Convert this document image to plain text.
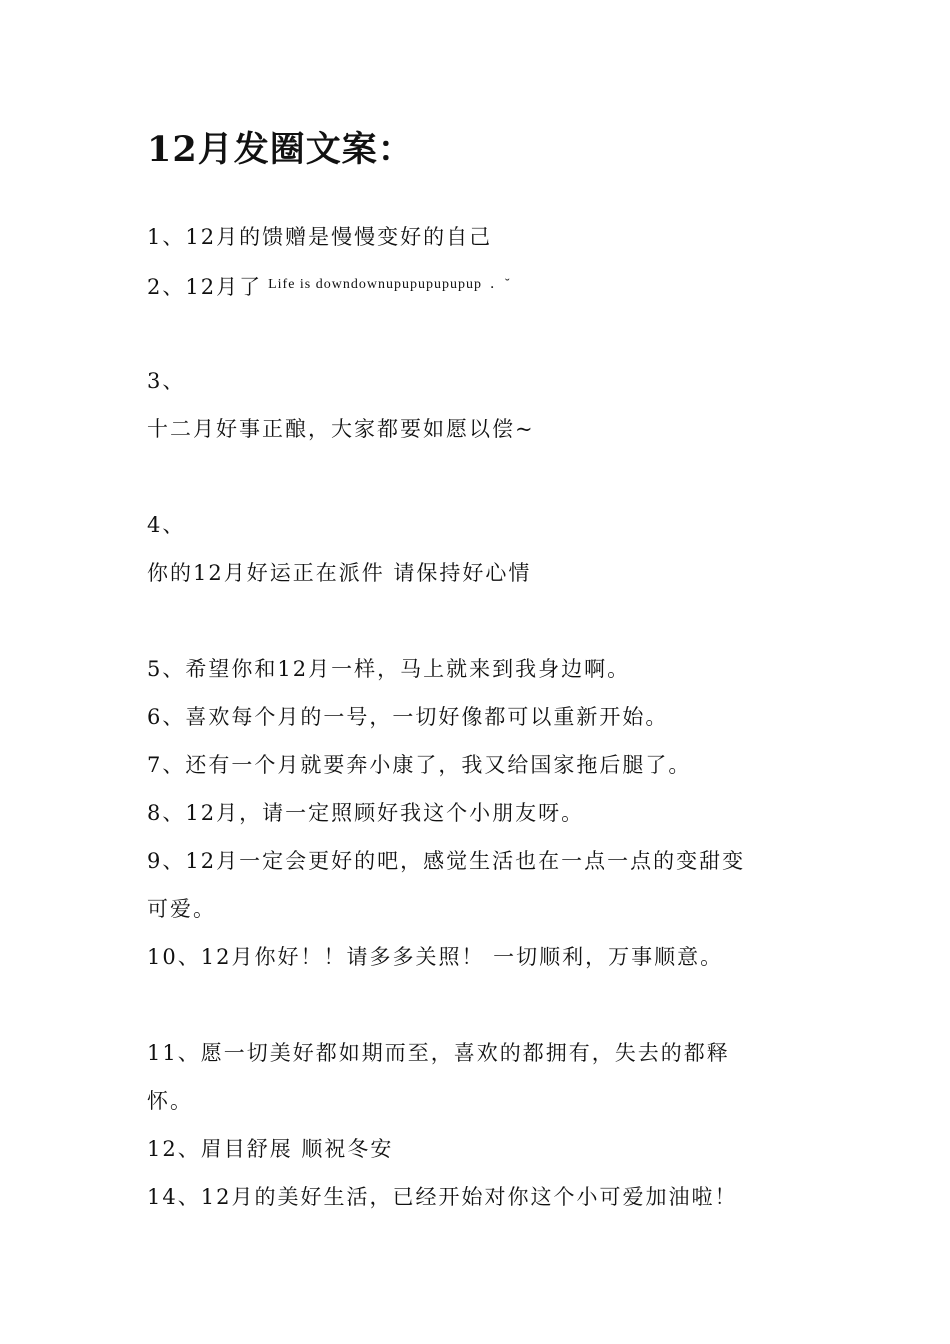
12月发圈文案：
1、12月的馈赠是慢慢变好的自己
2、12月了 $^{Life is downdownupupupupupup .˘}$
3、
十二月好事正酿，大家都要如愿以偿~
4、
你的12月好运正在派件 请保持好心情
5、希望你和12月一样，马上就来到我身边啊。
6、喜欢每个月的一号，一切好像都可以重新开始。
7、还有一个月就要奔小康了，我又给国家拖后腿了。
8、12月，请一定照顾好我这个小朋友呀。
9、12月一定会更好的吧，感觉生活也在一点一点的变甜变
可爱。
10、12月你好！！请多多关照！ 一切顺利，万事顺意。
11、愿一切美好都如期而至，喜欢的都拥有，失去的都释
怀。
12、眉目舒展 顺祝冬安
14、12月的美好生活，已经开始对你这个小可爱加油啦！
